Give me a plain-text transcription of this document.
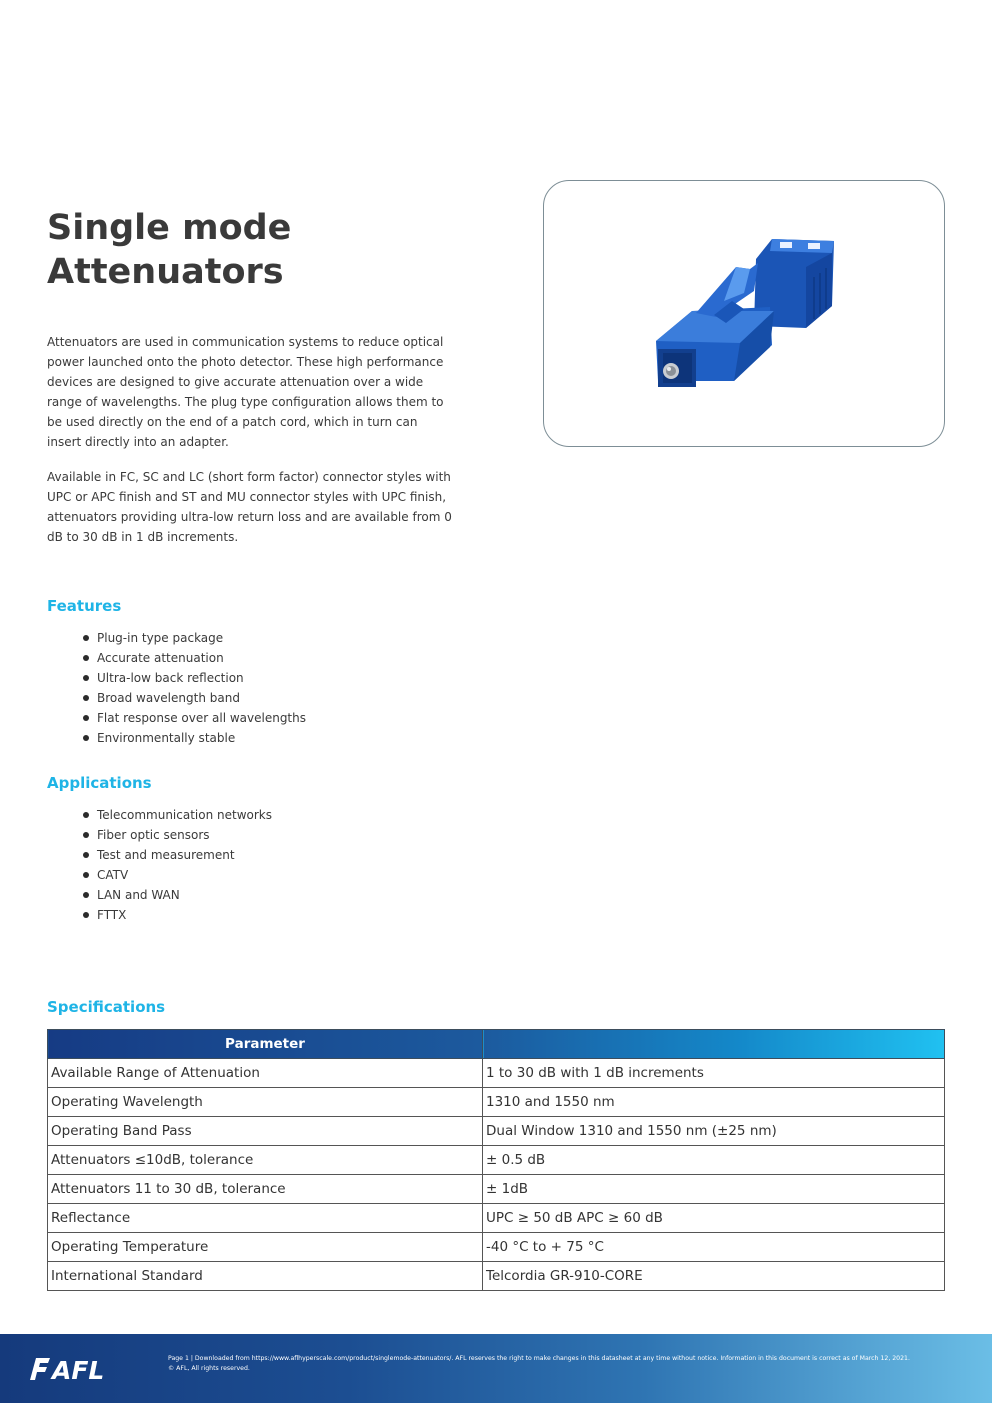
Single mode
Attenuators

Attenuators are used in communication systems to reduce optical power launched onto the photo detector. These high performance devices are designed to give accurate attenuation over a wide range of wavelengths. The plug type configuration allows them to be used directly on the end of a patch cord, which in turn can insert directly into an adapter.

Available in FC, SC and LC (short form factor) connector styles with UPC or APC finish and ST and MU connector styles with UPC finish, attenuators providing ultra-low return loss and are available from 0 dB to 30 dB in 1 dB increments.

Features
Plug-in type package
Accurate attenuation
Ultra-low back reflection
Broad wavelength band
Flat response over all wavelengths
Environmentally stable
Applications
Telecommunication networks
Fiber optic sensors
Test and measurement
CATV
LAN and WAN
FTTX
Specifications
Parameter	
Available Range of Attenuation	1 to 30 dB with 1 dB increments
Operating Wavelength	1310 and 1550 nm
Operating Band Pass	Dual Window 1310 and 1550 nm (±25 nm)
Attenuators ≤10dB, tolerance	± 0.5 dB
Attenuators 11 to 30 dB, tolerance	± 1dB
Reflectance	UPC ≥ 50 dB APC ≥ 60 dB
Operating Temperature	-40 °C to + 75 °C
International Standard	Telcordia GR-910-CORE
AFL	Page 1 | Downloaded from https://www.aflhyperscale.com/product/singlemode-attenuators/. AFL reserves the right to make changes in this datasheet at any time without notice. Information in this document is correct as of March 12, 2021.
© AFL, All rights reserved.
